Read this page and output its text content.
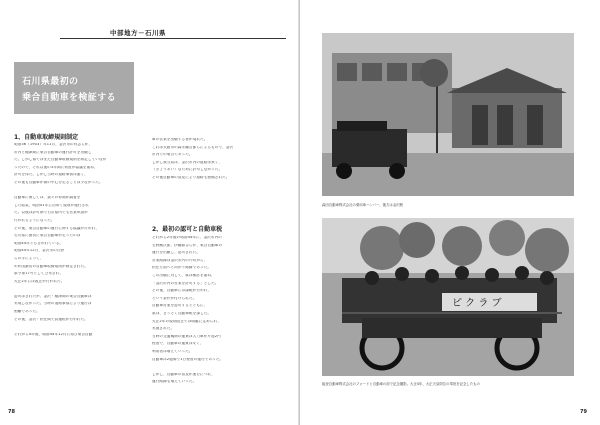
中部地方－石川県
石川県最初の
乗合自動車を検証する
1、自動車取締規則制定
明治36（1903）年11月、金沢市の有志らが、
市内と穂津間に乗合自動車の運行許可を出願し
た。しかし県ではまだ自動車取締規則を制定していなか
ったので、それ以後の3年間に何度か協議を重ね、
許可を得た。しかし当時の道路事情は悪く、
その後も自動車が街の中心を走ることは少なかった。
自動車に関しては、我々の仲間が調査を
した結果、明治41年に初めて規則が施行され
た。以後は許可制で石川県内でも営業申請が
行われるようになった。
その後、乗合自動車の運行に関する協議が行われ、
石川県に最初に乗合自動車が走ったのは
明治44年とも言われている。
明治44年12月、金沢市の石野
らの手によって、
わが国最初の自動車取締規則が制定された。
県令第17号として公布され、
大正2年には改正が行われた。
認可はされたが、金沢・穂津間の乗合自動車は
実現しなかった。当時の道路事情により運行は
困難であった。
その後、金沢・松任間で試運転が行われた。
それから4年後、明治44年12月に再び乗合自動
車の営業を出願する者が現れた。
これは大阪市の森永藤吉郎らによるもので、金沢
市内での乗合であった。
しかし県当局は、金沢市内の道路は狭く、
（きょうあい）なために許可しなかった。
その後自動車の普及により道路も整備された。
2、最初の認可と自動車税
それから2年後の明治44年に、金沢市内の
石野蔵次郎、伊藤源吉らが、乗合自動車の
運行を出願し、認可された。
営業路線は金沢市内の片町から、
松任方面へと向かう路線であった。
この出願に対して、県は検討を重ね、
「金沢市内の営業を許可する」とした。
その後、自動車には課税が行われ、
という条件が付けられた。
自動車営業を認可するとともに、
県は、さっそく自動車税を課した。
大正2年の規則改正では明確に定められ、
実施された。
当時の交通機関の運賃は人力車が片道2円
程度で、自動車の運賃は安く、
利用者は増えていった。
自動車は2週間で1日程度の運行であった。
しかし、自動車の普及が進むにつれ、
運行路線も増えていった。
78
森田自動車株式会社の乗用車ハンバー、後方は金沢駅
ピ ク ラ ブ
能登自動車株式会社のフォードと自動車の前で記念撮影。大正4年、大正天皇即位の奉祝を記念したもの
79
